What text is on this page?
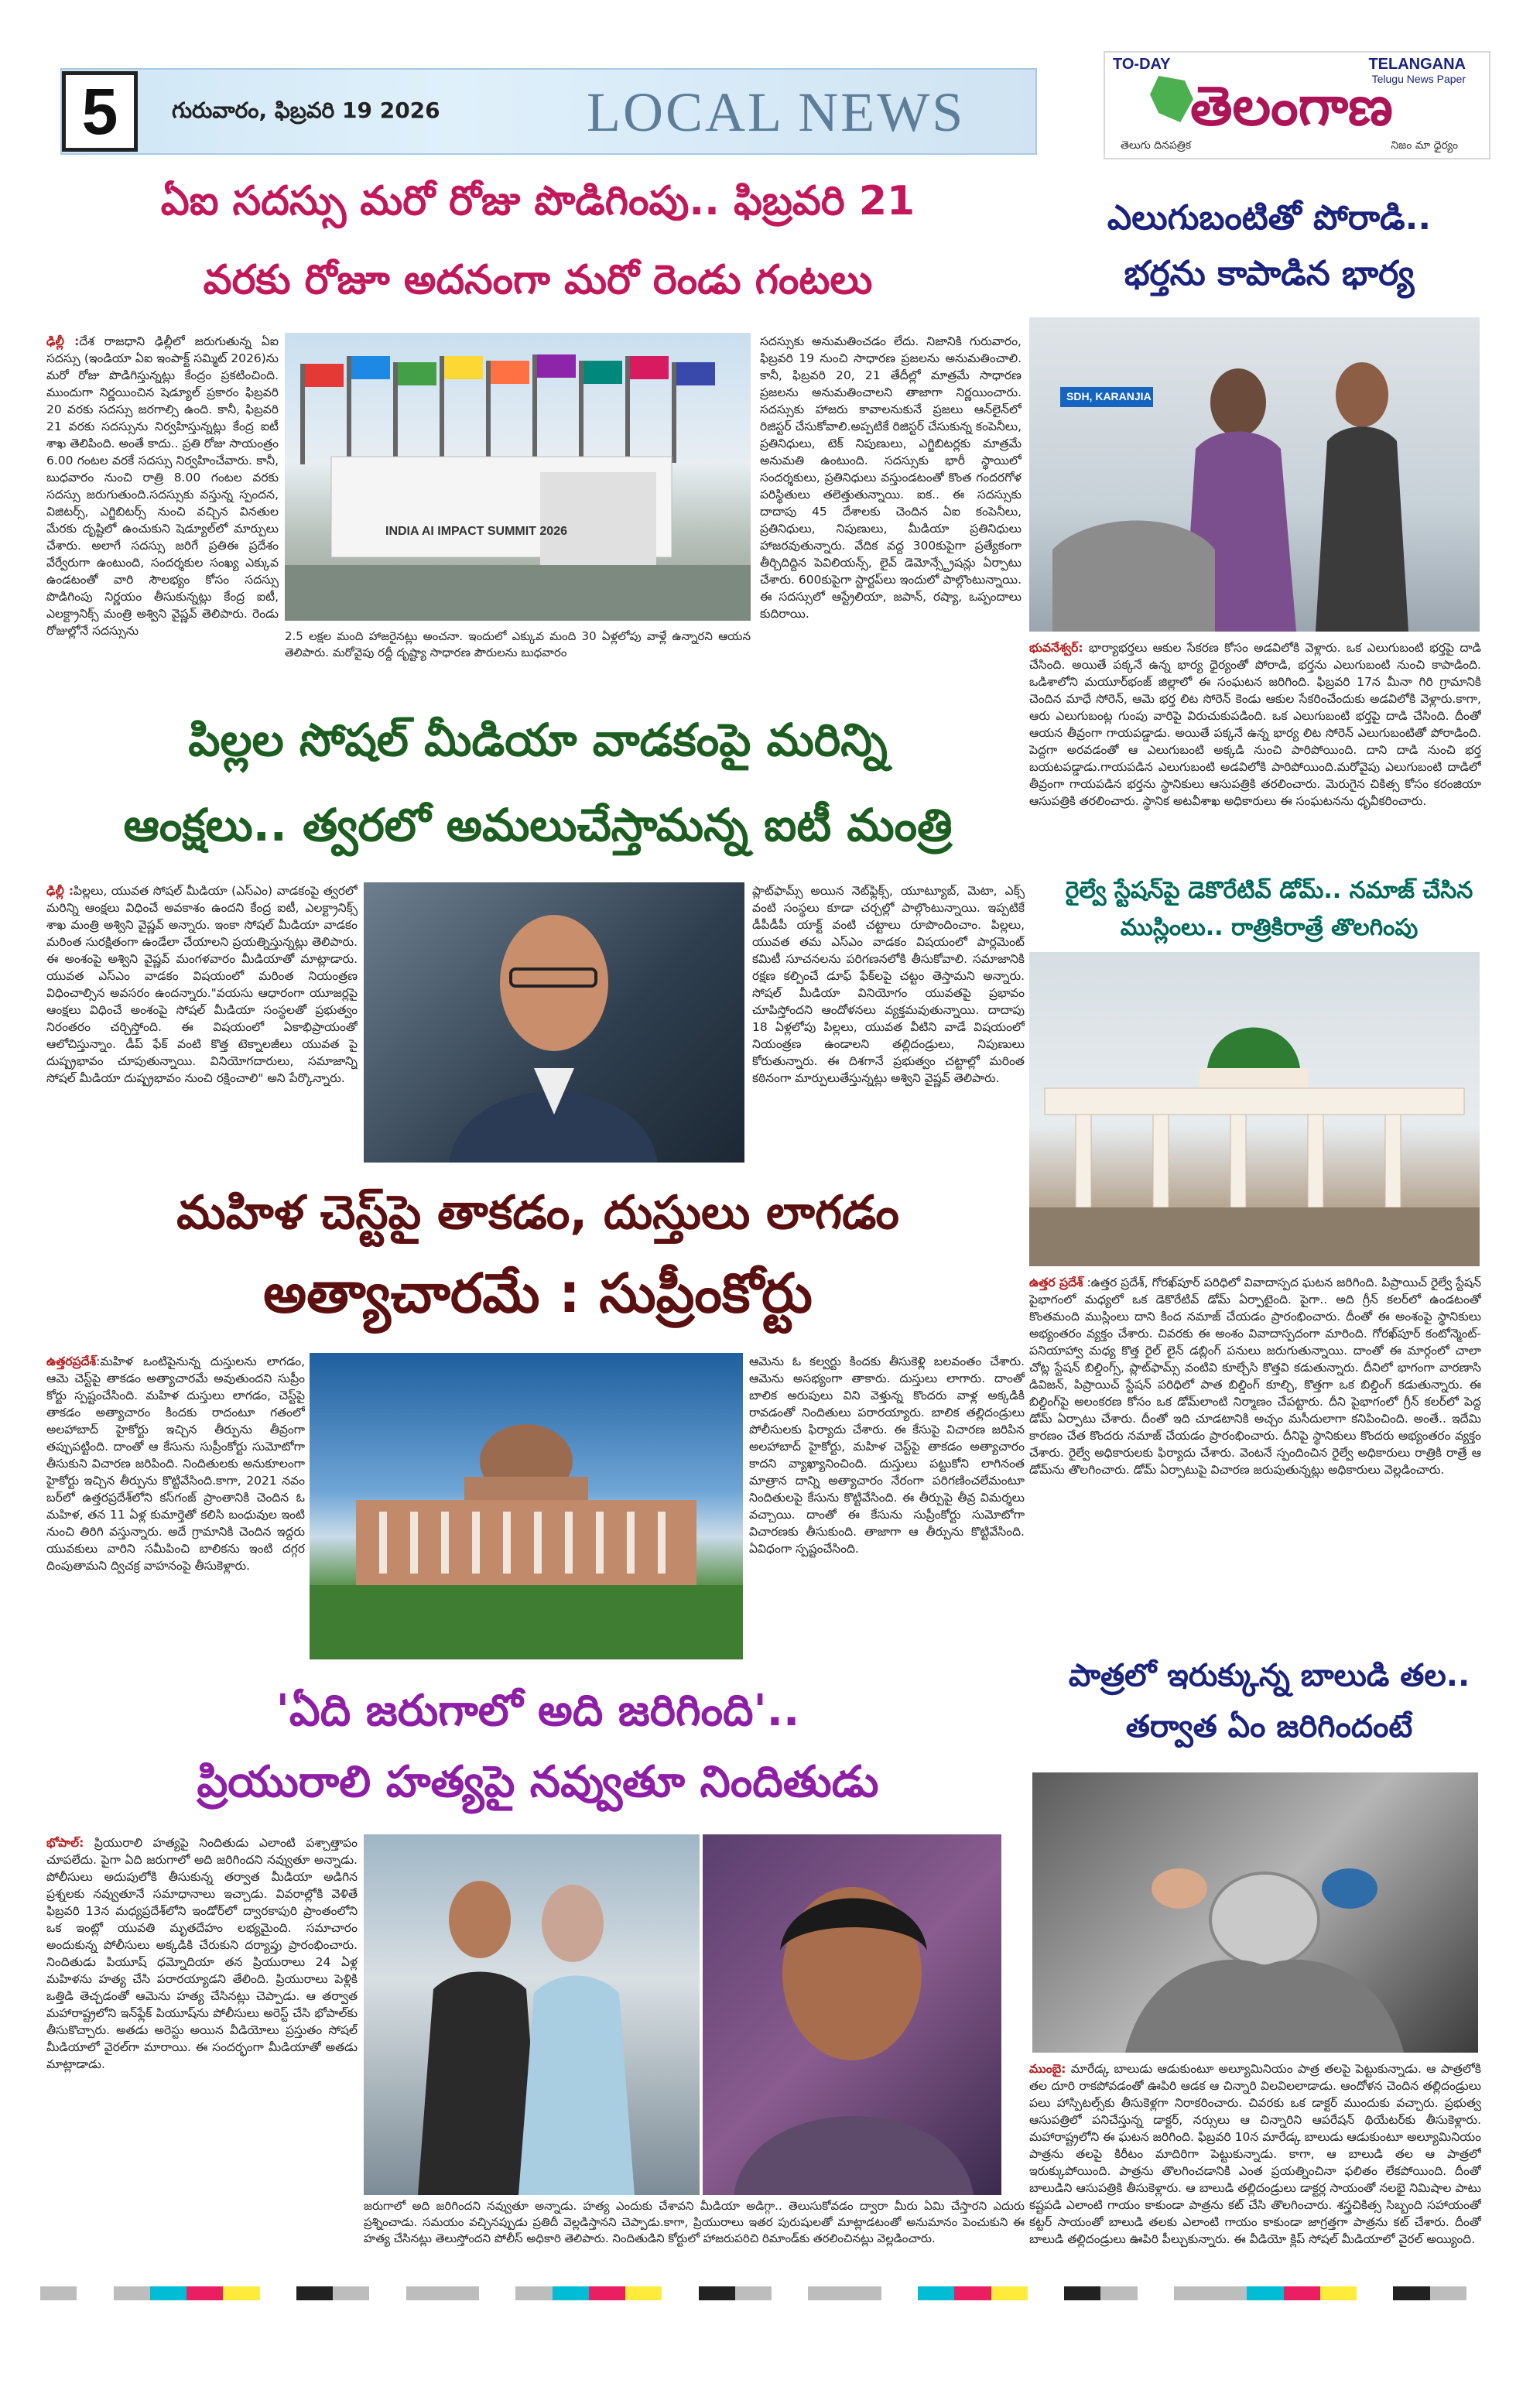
5	గురువారం, ఫిబ్రవరి 19 2026	LOCAL NEWS
TO-DAY	TELANGANA
Telugu News Paper
తెలంగాణ
తెలుగు దినపత్రిక	నిజం మా ధైర్యం
ఏఐ సదస్సు మరో రోజు పొడిగింపు.. ఫిబ్రవరి 21
వరకు రోజూ అదనంగా మరో రెండు గంటలు
ఢిల్లీ :దేశ రాజధాని ఢిల్లీలో జరుగుతున్న ఏఐ సదస్సు (ఇండియా ఏఐ ఇంపాక్ట్ సమ్మిట్ 2026)ను మరో రోజు పొడిగిస్తున్నట్లు కేంద్రం ప్రకటించింది. ముందుగా నిర్ణయించిన షెడ్యూల్ ప్రకారం ఫిబ్రవరి 20 వరకు సదస్సు జరగాల్సి ఉంది. కానీ, ఫిబ్రవరి 21 వరకు సదస్సును నిర్వహిస్తున్నట్లు కేంద్ర ఐటీ శాఖ తెలిపింది. అంతే కాదు.. ప్రతి రోజు సాయంత్రం 6.00 గంటల వరకే సదస్సు నిర్వహించేవారు. కానీ, బుధవారం నుంచి రాత్రి 8.00 గంటల వరకు సదస్సు జరుగుతుంది.సదస్సుకు వస్తున్న స్పందన, విజిటర్స్, ఎగ్జిబిటర్స్ నుంచి వచ్చిన వినతుల మేరకు దృష్టిలో ఉంచుకుని షెడ్యూల్‌లో మార్పులు చేశారు. అలాగే సదస్సు జరిగే ప్రతిఈ ప్రదేశం వేర్వేరుగా ఉంటుంది, సందర్శకుల సంఖ్య ఎక్కువ ఉండటంతో వారి సౌలభ్యం కోసం సదస్సు పొడిగింపు నిర్ణయం తీసుకున్నట్లు కేంద్ర ఐటీ, ఎలక్ట్రానిక్స్ మంత్రి అశ్విని వైష్ణవ్ తెలిపారు. రెండు రోజుల్లోనే సదస్సును
INDIA AI IMPACT SUMMIT 2026
2.5 లక్షల మంది హాజరైనట్లు అంచనా. ఇందులో ఎక్కువ మంది 30 ఏళ్లలోపు వాళ్లే ఉన్నారని ఆయన తెలిపారు. మరోవైపు రద్దీ దృష్ట్యా సాధారణ పౌరులను బుధవారం
సదస్సుకు అనుమతించడం లేదు. నిజానికి గురువారం, ఫిబ్రవరి 19 నుంచి సాధారణ ప్రజలను అనుమతించాలి. కానీ, ఫిబ్రవరి 20, 21 తేదీల్లో మాత్రమే సాధారణ ప్రజలను అనుమతించాలని తాజాగా నిర్ణయించారు. సదస్సుకు హాజరు కావాలనుకునే ప్రజలు ఆన్‌లైన్‌లో రిజిస్టర్ చేసుకోవాలి.అప్పటికే రిజిస్టర్ చేసుకున్న కంపెనీలు, ప్రతినిధులు, టెక్ నిపుణులు, ఎగ్జిబిటర్లకు మాత్రమే అనుమతి ఉంటుంది. సదస్సుకు భారీ స్థాయిలో సందర్శకులు, ప్రతినిధులు వస్తుండటంతో కొంత గందరగోళ పరిస్థితులు తలెత్తుతున్నాయి. ఐక.. ఈ సదస్సుకు దాదాపు 45 దేశాలకు చెందిన ఏఐ కంపెనీలు, ప్రతినిధులు, నిపుణులు, మీడియా ప్రతినిధులు హాజరవుతున్నారు. వేదిక వద్ద 300కుపైగా ప్రత్యేకంగా తీర్చిదిద్దిన పెవిలియన్స్, లైవ్ డెమోన్స్ట్రేషన్లు ఏర్పాటు చేశారు. 600కుపైగా స్టార్టప్‌లు ఇందులో పాల్గొంటున్నాయి. ఈ సదస్సులో ఆస్ట్రేలియా, జపాన్, రష్యా, ఒప్పందాలు కుదిరాయి.
పిల్లల సోషల్ మీడియా వాడకంపై మరిన్ని
ఆంక్షలు.. త్వరలో అమలుచేస్తామన్న ఐటీ మంత్రి
ఢిల్లీ :పిల్లలు, యువత సోషల్ మీడియా (ఎస్ఎం) వాడకంపై త్వరలో మరిన్ని ఆంక్షలు విధించే అవకాశం ఉందని కేంద్ర ఐటీ, ఎలక్ట్రానిక్స్ శాఖ మంత్రి అశ్విని వైష్ణవ్ అన్నారు. ఇంకా సోషల్ మీడియా వాడకం మరింత సురక్షితంగా ఉండేలా చేయాలని ప్రయత్నిస్తున్నట్లు తెలిపారు. ఈ అంశంపై అశ్విని వైష్ణవ్ మంగళవారం మీడియాతో మాట్లాడారు. యువత ఎస్ఎం వాడకం విషయంలో మరింత నియంత్రణ విధించాల్సిన అవసరం ఉందన్నారు."వయసు ఆధారంగా యూజర్లపై ఆంక్షలు విధించే అంశంపై సోషల్ మీడియా సంస్థలతో ప్రభుత్వం నిరంతరం చర్చిస్తోంది. ఈ విషయంలో ఏకాభిప్రాయంతో ఆలోచిస్తున్నాం. డీప్ ఫేక్ వంటి కొత్త టెక్నాలజీలు యువత పై దుష్ప్రభావం చూపుతున్నాయి. వినియోగదారులు, సమాజాన్ని సోషల్ మీడియా దుష్ప్రభావం నుంచి రక్షించాలి" అని పేర్కొన్నారు.
ప్లాట్‌ఫామ్స్ అయిన నెట్‌ఫ్లిక్స్, యూట్యూబ్, మెటా, ఎక్స్ వంటి సంస్థలు కూడా చర్చల్లో పాల్గొంటున్నాయి. ఇప్పటికే డీపీడీపీ యాక్ట్ వంటి చట్టాలు రూపొందించాం. పిల్లలు, యువత తమ ఎస్ఎం వాడకం విషయంలో పార్లమెంట్ కమిటీ సూచనలను పరిగణనలోకి తీసుకోవాలి. సమాజానికి రక్షణ కల్పించే డూఫ్ ఫేక్‌లపై చట్టం తెస్తామని అన్నారు. సోషల్ మీడియా వినియోగం యువతపై ప్రభావం చూపిస్తోందని ఆందోళనలు వ్యక్తమవుతున్నాయి. దాదాపు 18 ఏళ్లలోపు పిల్లలు, యువత వీటిని వాడే విషయంలో నియంత్రణ ఉండాలని తల్లిదండ్రులు, నిపుణులు కోరుతున్నారు. ఈ దిశగానే ప్రభుత్వం చట్టాల్లో మరింత కఠినంగా మార్పులుతేస్తున్నట్లు అశ్విని వైష్ణవ్ తెలిపారు.
మహిళ చెస్ట్‌పై తాకడం, దుస్తులు లాగడం
అత్యాచారమే : సుప్రీంకోర్టు
ఉత్తరప్రదేశ్:మహిళ ఒంటిపైనున్న దుస్తులను లాగడం, ఆమె చెస్ట్‌పై తాకడం అత్యాచారమే అవుతుందని సుప్రీం కోర్టు స్పష్టంచేసింది. మహిళ దుస్తులు లాగడం, చెస్ట్‌పై తాకడం అత్యాచారం కిందకు రాదంటూ గతంలో అలహాబాద్ హైకోర్టు ఇచ్చిన తీర్పును తీవ్రంగా తప్పుపట్టింది. దాంతో ఆ కేసును సుప్రీంకోర్టు సుమోటోగా తీసుకుని విచారణ జరిపింది. నిందితులకు అనుకూలంగా హైకోర్టు ఇచ్చిన తీర్పును కొట్టివేసింది.కాగా, 2021 నవం బర్‌లో ఉత్తరప్రదేశ్‌లోని కస్‌గంజ్ ప్రాంతానికి చెందిన ఓ మహిళ, తన 11 ఏళ్ల కుమార్తెతో కలిసి బంధువుల ఇంటి నుంచి తిరిగి వస్తున్నారు. అదే గ్రామానికి చెందిన ఇద్దరు యువకులు వారిని సమీపించి బాలికను ఇంటి దగ్గర దింపుతామని ద్విచక్ర వాహనంపై తీసుకెళ్లారు.
ఆమెను ఓ కల్వర్టు కిందకు తీసుకెళ్లి బలవంతం చేశారు. ఆమెను అసభ్యంగా తాకారు. దుస్తులు లాగారు. దాంతో బాలిక అరుపులు విని వెళ్తున్న కొందరు వాళ్ల అక్కడికి రావడంతో నిందితులు పరారయ్యారు. బాలిక తల్లిదండ్రులు పోలీసులకు ఫిర్యాదు చేశారు. ఈ కేసుపై విచారణ జరిపిన అలహాబాద్ హైకోర్టు, మహిళ చెస్ట్‌పై తాకడం అత్యాచారం కాదని వ్యాఖ్యానించింది. దుస్తులు పట్టుకోని లాగినంత మాత్రాన దాన్ని అత్యాచారం నేరంగా పరిగణించలేమంటూ నిందితులపై కేసును కొట్టివేసింది. ఈ తీర్పుపై తీవ్ర విమర్శలు వచ్చాయి. దాంతో ఈ కేసును సుప్రీంకోర్టు సుమోటోగా విచారణకు తీసుకుంది. తాజాగా ఆ తీర్పును కొట్టివేసింది. ఏవిధంగా స్పష్టంచేసింది.
'ఏది జరుగాలో అది జరిగింది'..
ప్రియురాలి హత్యపై నవ్వుతూ నిందితుడు
భోపాల్: ప్రియురాలి హత్యపై నిందితుడు ఎలాంటి పశ్చాత్తాపం చూపలేదు. పైగా ఏది జరుగాలో అది జరిగిందని నవ్వుతూ అన్నాడు. పోలీసులు అదుపులోకి తీసుకున్న తర్వాత మీడియా అడిగిన ప్రశ్నలకు నవ్వుతూనే సమాధానాలు ఇచ్చాడు. వివరాల్లోకి వెళితే ఫిబ్రవరి 13న మధ్యప్రదేశ్‌లోని ఇండోర్‌లో ద్వారకాపురి ప్రాంతంలోని ఒక ఇంట్లో యువతి మృతదేహం లభ్యమైంది. సమాచారం అందుకున్న పోలీసులు అక్కడికి చేరుకుని దర్యాప్తు ప్రారంభించారు. నిందితుడు పియూష్ ధమ్నోదియా తన ప్రియురాలు 24 ఏళ్ల మహిళను హత్య చేసి పరారయ్యాడని తేలింది. ప్రియురాలు పెళ్లికి ఒత్తిడి తెచ్చడంతో ఆమెను హత్య చేసినట్లు చెప్పాడు. ఆ తర్వాత మహారాష్ట్రలోని ఇన్‌ఫ్లేక్ పియూష్‌ను పోలీసులు అరెస్ట్ చేసి భోపాల్‌కు తీసుకొచ్చారు. అతడు అరెస్టు అయిన వీడియోలు ప్రస్తుతం సోషల్ మీడియాలో వైరల్‌గా మారాయి. ఈ సందర్భంగా మీడియాతో అతడు మాట్లాడాడు.
జరుగాలో అది జరిగిందని నవ్వుతూ అన్నాడు. హత్య ఎందుకు చేశావని మీడియా అడిగ్గా.. తెలుసుకోవడం ద్వారా మీరు ఏమి చేస్తారని ఎదురు ప్రశ్నించాడు. సమయం వచ్చినప్పుడు ప్రతిదీ వెల్లడిస్తానని చెప్పాడు.కాగా, ప్రియురాలు ఇతర పురుషులతో మాట్లాడటంతో అనుమానం పెంచుకుని ఈ హత్య చేసినట్లు తెలుస్తోందని పోలీస్ అధికారి తెలిపారు. నిందితుడిని కోర్టులో హాజరుపరిచి రిమాండ్‌కు తరలించినట్లు వెల్లడించారు.
ఎలుగుబంటితో పోరాడి..
భర్తను కాపాడిన భార్య
SDH, KARANJIA
భువనేశ్వర్: భార్యాభర్తలు ఆకుల సేకరణ కోసం అడవిలోకి వెళ్లారు. ఒక ఎలుగుబంటి భర్తపై దాడి చేసింది. అయితే పక్కనే ఉన్న భార్య ధైర్యంతో పోరాడి, భర్తను ఎలుగుబంటి నుంచి కాపాడింది. ఒడిశాలోని మయూర్‌భంజ్ జిల్లాలో ఈ సంఘటన జరిగింది. ఫిబ్రవరి 17న మీనా గిరి గ్రామానికి చెందిన మాధే సోరెన్, ఆమె భర్త లిట సోరెన్ కెండు ఆకుల సేకరించేందుకు అడవిలోకి వెళ్లారు.కాగా, ఆరు ఎలుగుబంట్ల గుంపు వారిపై విరుచుకుపడింది. ఒక ఎలుగుబంటి భర్తపై దాడి చేసింది. దీంతో ఆయన తీవ్రంగా గాయపడ్డాడు. అయితే పక్కనే ఉన్న భార్య లిట సోరెన్ ఎలుగుబంటితో పోరాడింది. పెద్దగా అరవడంతో ఆ ఎలుగుబంటి అక్కడి నుంచి పారిపోయింది. దాని దాడి నుంచి భర్త బయటపడ్డాడు.గాయపడిన ఎలుగుబంటి అడవిలోకి పారిపోయింది.మరోవైపు ఎలుగుబంటి దాడిలో తీవ్రంగా గాయపడిన భర్తను స్థానికులు ఆసుపత్రికి తరలించారు. మెరుగైన చికిత్స కోసం కరంజియా ఆసుపత్రికి తరలించారు. స్థానిక అటవీశాఖ అధికారులు ఈ సంఘటనను ధృవీకరించారు.
రైల్వే స్టేషన్‌పై డెకొరేటివ్ డోమ్.. నమాజ్ చేసిన
ముస్లింలు.. రాత్రికిరాత్రే తొలగింపు
ఉత్తర ప్రదేశ్ :ఉత్తర ప్రదేశ్, గోరఖ్‌పూర్ పరిధిలో వివాదాస్పద ఘటన జరిగింది. పిప్రాయిచ్ రైల్వే స్టేషన్ పైభాగంలో మధ్యలో ఒక డెకొరేటివ్ డోమ్ ఏర్పాటైంది. పైగా.. అది గ్రీన్ కలర్‌లో ఉండటంతో కొంతమంది ముస్లింలు దాని కింద నమాజ్ చేయడం ప్రారంభించారు. దీంతో ఈ అంశంపై స్థానికులు అభ్యంతరం వ్యక్తం చేశారు. చివరకు ఈ అంశం వివాదాస్పదంగా మారింది. గోరఖ్‌పూర్ కంటోన్మెంట్-పనియాహ్వా మధ్య కొత్త రైల్ లైన్ డబ్లింగ్ పనులు జరుగుతున్నాయి. దాంతో ఈ మార్గంలో చాలా చోట్ల స్టేషన్ బిల్డింగ్స్, ప్లాట్‌ఫామ్స్ వంటివి కూల్చేసి కొత్తవి కడుతున్నారు. దీనిలో భాగంగా వారణాసి డివిజన్, పిప్రాయిచ్ స్టేషన్ పరిధిలో పాత బిల్డింగ్ కూల్చి, కొత్తగా ఒక బిల్డింగ్ కడుతున్నారు. ఈ బిల్డింగ్‌పై అలంకరణ కోసం ఒక డోమ్‌లాంటి నిర్మాణం చేపట్టారు. దీని పైభాగంలో గ్రీన్ కలర్‌లో పెద్ద డోమ్ ఏర్పాటు చేశారు. దీంతో ఇది చూడటానికి అచ్చం మసీదులాగా కనిపించింది. అంతే.. ఇదేమి కారణం చేత కొందరు నమాజ్ చేయడం ప్రారంభించారు. దీనిపై స్థానికులు కొందరు అభ్యంతరం వ్యక్తం చేశారు. రైల్వే అధికారులకు ఫిర్యాదు చేశారు. వెంటనే స్పందించిన రైల్వే అధికారులు రాత్రికి రాత్రే ఆ డోమ్‌ను తొలగించారు. డోమ్ ఏర్పాటుపై విచారణ జరుపుతున్నట్లు అధికారులు వెల్లడించారు.
పాత్రలో ఇరుక్కున్న బాలుడి తల..
తర్వాత ఏం జరిగిందంటే
ముంబై: మారేడ్క బాలుడు ఆడుకుంటూ అల్యూమినియం పాత్ర తలపై పెట్టుకున్నాడు. ఆ పాత్రలోకి తల దూరి రాకపోవడంతో ఊపిరి ఆడక ఆ చిన్నారి విలవిలలాడాడు. ఆందోళన చెందిన తల్లిదండ్రులు పలు హాస్పిటల్స్‌కు తీసుకెళ్లగా నిరాకరించారు. చివరకు ఒక డాక్టర్ ముందుకు వచ్చారు. ప్రభుత్వ ఆసుపత్రిలో పనిచేస్తున్న డాక్టర్, నర్సులు ఆ చిన్నారిని ఆపరేషన్ థియేటర్‌కు తీసుకెళ్లారు. మహారాష్ట్రలోని ఈ ఘటన జరిగింది. ఫిబ్రవరి 10న మారేడ్క బాలుడు ఆడుకుంటూ అల్యూమినియం పాత్రను తలపై కిరీటం మాదిరిగా పెట్టుకున్నాడు. కాగా, ఆ బాలుడి తల ఆ పాత్రలో ఇరుక్కుపోయింది. పాత్రను తొలగించడానికి ఎంత ప్రయత్నించినా ఫలితం లేకపోయింది. దీంతో బాలుడిని ఆసుపత్రికి తీసుకెళ్లారు. ఆ బాలుడి తల్లిదండ్రులు డాక్టర్ల సాయంతో నలభై నిమిషాల పాటు కష్టపడి ఎలాంటి గాయం కాకుండా పాత్రను కట్ చేసి తొలగించారు. శస్త్రచికిత్స సిబ్బంది సహాయంతో కట్టర్ సాయంతో బాలుడి తలకు ఎలాంటి గాయం కాకుండా జాగ్రత్తగా పాత్రను కట్ చేశారు. దీంతో బాలుడి తల్లిదండ్రులు ఊపిరి పీల్చుకున్నారు. ఈ వీడియో క్లిప్ సోషల్ మీడియాలో వైరల్ అయ్యింది.
